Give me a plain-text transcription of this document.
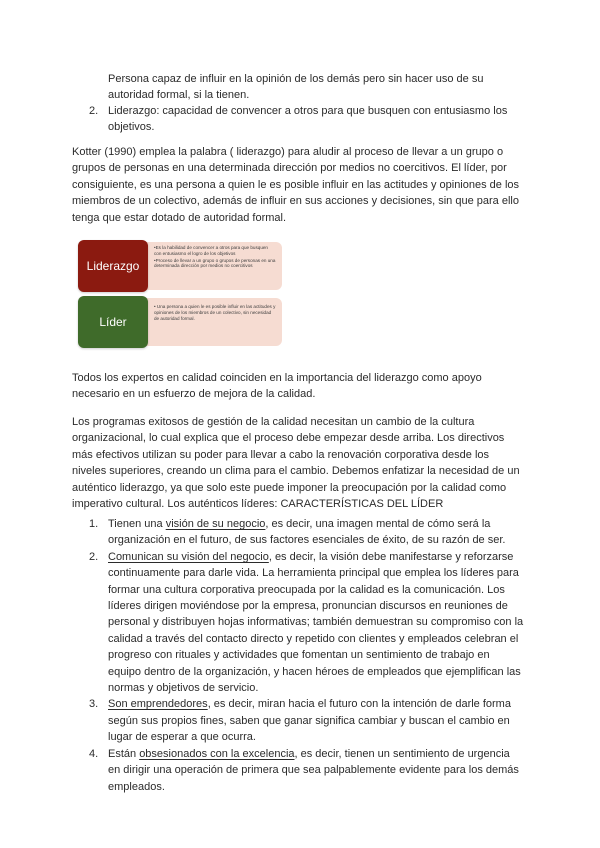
Persona capaz de influir en la opinión de los demás pero sin hacer uso de su
autoridad formal, si la tienen.
2. Liderazgo: capacidad de convencer a otros para que busquen con entusiasmo los
objetivos.
Kotter (1990) emplea la palabra ( liderazgo) para aludir al proceso de llevar a un grupo o
grupos de personas en una determinada dirección por medios no coercitivos. El líder, por
consiguiente, es una persona a quien le es posible influir en las actitudes y opiniones de los
miembros de un colectivo, además de influir en sus acciones y decisiones, sin que para ello
tenga que estar dotado de autoridad formal.
•Es la habilidad de convencer a otros para que busquen con entusiasmo el logro de los objetivos
•Proceso de llevar a un grupo o grupos de personas en una determinada dirección por medios no coercitivos
Liderazgo
• Una persona a quien le es posible influir en las actitudes y opiniones de los miembros de un colectivo, sin necesidad de autoridad formal.
Líder
Todos los expertos en calidad coinciden en la importancia del liderazgo como apoyo
necesario en un esfuerzo de mejora de la calidad.
Los programas exitosos de gestión de la calidad necesitan un cambio de la cultura
organizacional, lo cual explica que el proceso debe empezar desde arriba. Los directivos
más efectivos utilizan su poder para llevar a cabo la renovación corporativa desde los
niveles superiores, creando un clima para el cambio. Debemos enfatizar la necesidad de un
auténtico liderazgo, ya que solo este puede imponer la preocupación por la calidad como
imperativo cultural. Los auténticos líderes: CARACTERÍSTICAS DEL LÍDER
1. Tienen una visión de su negocio, es decir, una imagen mental de cómo será la
organización en el futuro, de sus factores esenciales de éxito, de su razón de ser.
2. Comunican su visión del negocio, es decir, la visión debe manifestarse y reforzarse
continuamente para darle vida. La herramienta principal que emplea los líderes para
formar una cultura corporativa preocupada por la calidad es la comunicación. Los
líderes dirigen moviéndose por la empresa, pronuncian discursos en reuniones de
personal y distribuyen hojas informativas; también demuestran su compromiso con la
calidad a través del contacto directo y repetido con clientes y empleados celebran el
progreso con rituales y actividades que fomentan un sentimiento de trabajo en
equipo dentro de la organización, y hacen héroes de empleados que ejemplifican las
normas y objetivos de servicio.
3. Son emprendedores, es decir, miran hacia el futuro con la intención de darle forma
según sus propios fines, saben que ganar significa cambiar y buscan el cambio en
lugar de esperar a que ocurra.
4. Están obsesionados con la excelencia, es decir, tienen un sentimiento de urgencia
en dirigir una operación de primera que sea palpablemente evidente para los demás
empleados.
